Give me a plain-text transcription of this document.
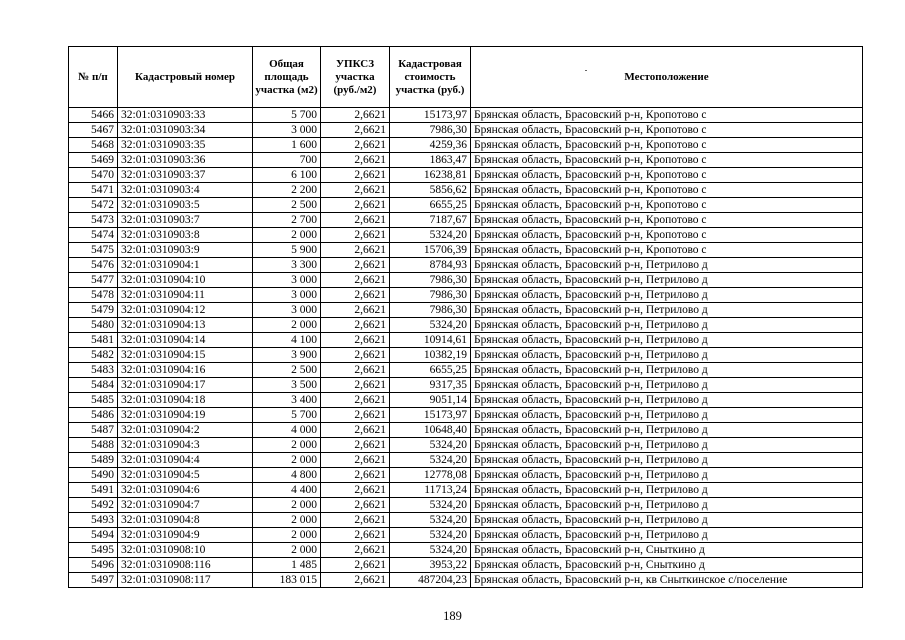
№ п/п	Кадастровый номер	Общая площадь участка (м2)	УПКСЗ участка (руб./м2)	Кадастровая стоимость участка (руб.)	Местоположение
5466	32:01:0310903:33	5 700	2,6621	15173,97	Брянская область, Брасовский р-н, Кропотово с
5467	32:01:0310903:34	3 000	2,6621	7986,30	Брянская область, Брасовский р-н, Кропотово с
5468	32:01:0310903:35	1 600	2,6621	4259,36	Брянская область, Брасовский р-н, Кропотово с
5469	32:01:0310903:36	700	2,6621	1863,47	Брянская область, Брасовский р-н, Кропотово с
5470	32:01:0310903:37	6 100	2,6621	16238,81	Брянская область, Брасовский р-н, Кропотово с
5471	32:01:0310903:4	2 200	2,6621	5856,62	Брянская область, Брасовский р-н, Кропотово с
5472	32:01:0310903:5	2 500	2,6621	6655,25	Брянская область, Брасовский р-н, Кропотово с
5473	32:01:0310903:7	2 700	2,6621	7187,67	Брянская область, Брасовский р-н, Кропотово с
5474	32:01:0310903:8	2 000	2,6621	5324,20	Брянская область, Брасовский р-н, Кропотово с
5475	32:01:0310903:9	5 900	2,6621	15706,39	Брянская область, Брасовский р-н, Кропотово с
5476	32:01:0310904:1	3 300	2,6621	8784,93	Брянская область, Брасовский р-н, Петрилово д
5477	32:01:0310904:10	3 000	2,6621	7986,30	Брянская область, Брасовский р-н, Петрилово д
5478	32:01:0310904:11	3 000	2,6621	7986,30	Брянская область, Брасовский р-н, Петрилово д
5479	32:01:0310904:12	3 000	2,6621	7986,30	Брянская область, Брасовский р-н, Петрилово д
5480	32:01:0310904:13	2 000	2,6621	5324,20	Брянская область, Брасовский р-н, Петрилово д
5481	32:01:0310904:14	4 100	2,6621	10914,61	Брянская область, Брасовский р-н, Петрилово д
5482	32:01:0310904:15	3 900	2,6621	10382,19	Брянская область, Брасовский р-н, Петрилово д
5483	32:01:0310904:16	2 500	2,6621	6655,25	Брянская область, Брасовский р-н, Петрилово д
5484	32:01:0310904:17	3 500	2,6621	9317,35	Брянская область, Брасовский р-н, Петрилово д
5485	32:01:0310904:18	3 400	2,6621	9051,14	Брянская область, Брасовский р-н, Петрилово д
5486	32:01:0310904:19	5 700	2,6621	15173,97	Брянская область, Брасовский р-н, Петрилово д
5487	32:01:0310904:2	4 000	2,6621	10648,40	Брянская область, Брасовский р-н, Петрилово д
5488	32:01:0310904:3	2 000	2,6621	5324,20	Брянская область, Брасовский р-н, Петрилово д
5489	32:01:0310904:4	2 000	2,6621	5324,20	Брянская область, Брасовский р-н, Петрилово д
5490	32:01:0310904:5	4 800	2,6621	12778,08	Брянская область, Брасовский р-н, Петрилово д
5491	32:01:0310904:6	4 400	2,6621	11713,24	Брянская область, Брасовский р-н, Петрилово д
5492	32:01:0310904:7	2 000	2,6621	5324,20	Брянская область, Брасовский р-н, Петрилово д
5493	32:01:0310904:8	2 000	2,6621	5324,20	Брянская область, Брасовский р-н, Петрилово д
5494	32:01:0310904:9	2 000	2,6621	5324,20	Брянская область, Брасовский р-н, Петрилово д
5495	32:01:0310908:10	2 000	2,6621	5324,20	Брянская область, Брасовский р-н, Сныткино д
5496	32:01:0310908:116	1 485	2,6621	3953,22	Брянская область, Брасовский р-н, Сныткино д
5497	32:01:0310908:117	183 015	2,6621	487204,23	Брянская область, Брасовский р-н, кв Сныткинское с/поселение
189
